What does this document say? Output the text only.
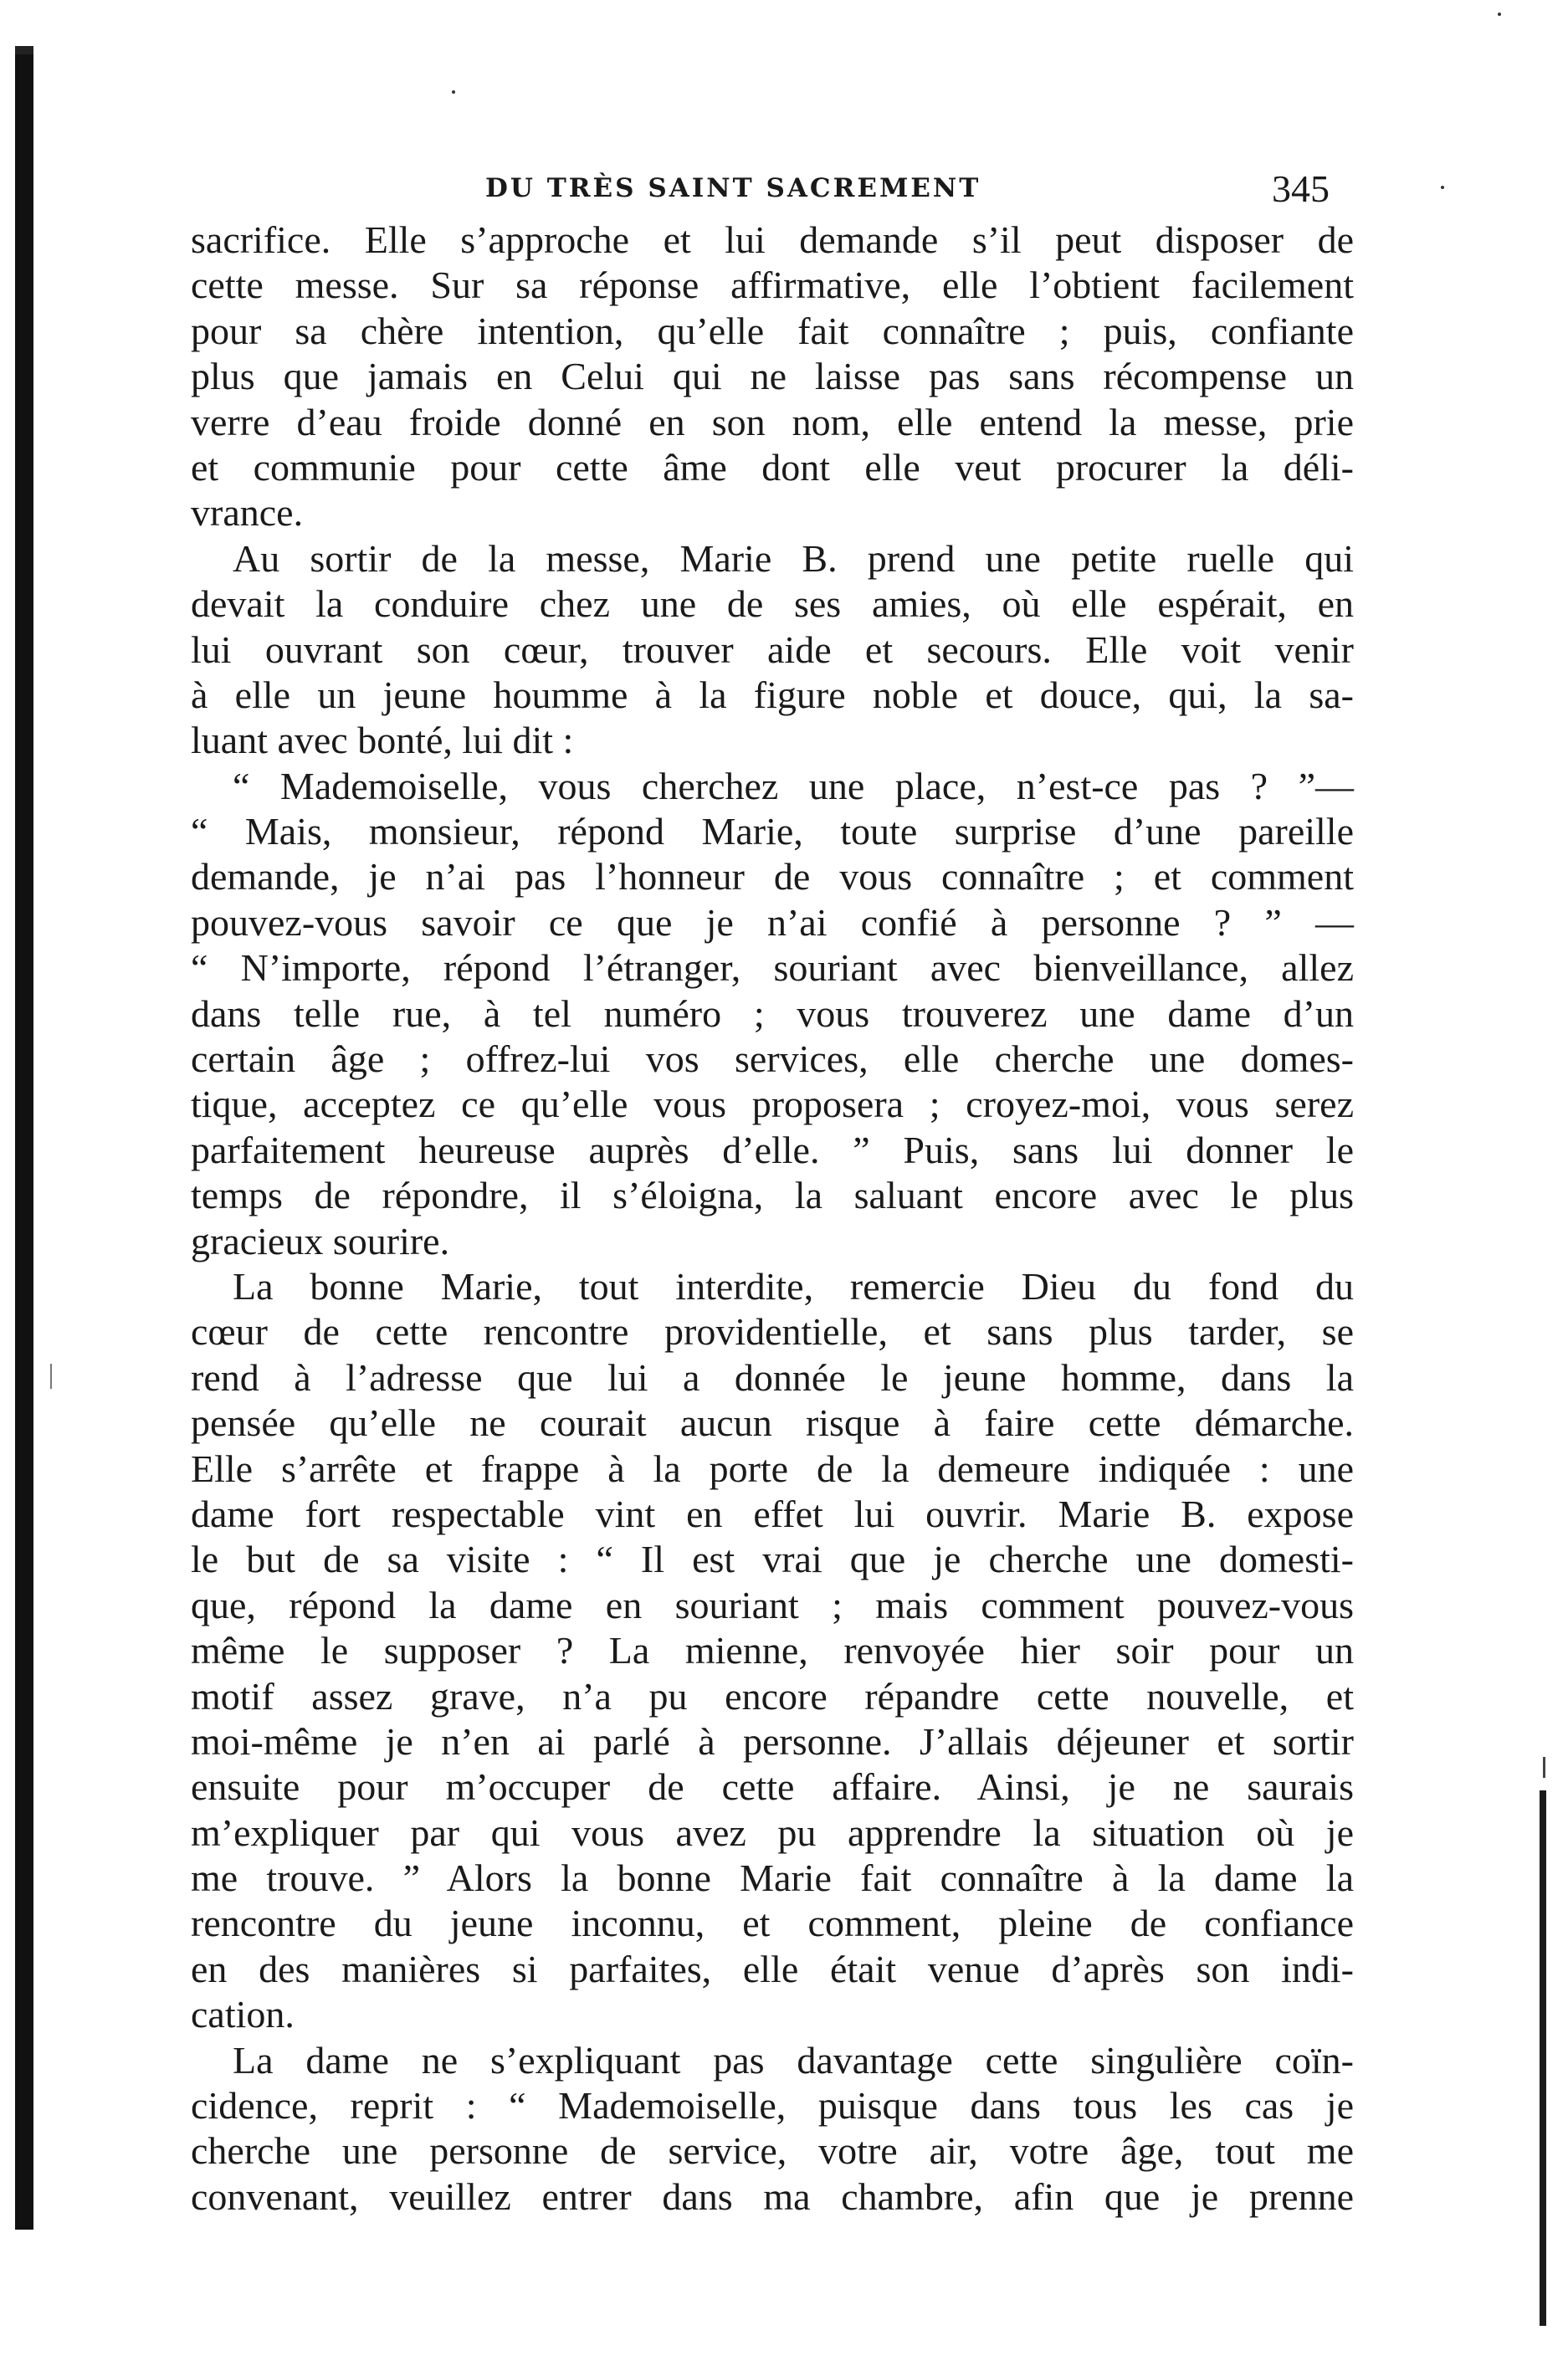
DU TRÈS SAINT SACREMENT	345
sacrifice. Elle s’approche et lui demande s’il peut disposer de
cette messe. Sur sa réponse affirmative, elle l’obtient facilement
pour sa chère intention, qu’elle fait connaître ; puis, confiante
plus que jamais en Celui qui ne laisse pas sans récompense un
verre d’eau froide donné en son nom, elle entend la messe, prie
et communie pour cette âme dont elle veut procurer la déli-
vrance.
Au sortir de la messe, Marie B. prend une petite ruelle qui
devait la conduire chez une de ses amies, où elle espérait, en
lui ouvrant son cœur, trouver aide et secours. Elle voit venir
à elle un jeune houmme à la figure noble et douce, qui, la sa-
luant avec bonté, lui dit :
“ Mademoiselle, vous cherchez une place, n’est-ce pas ? ”—
“ Mais, monsieur, répond Marie, toute surprise d’une pareille
demande, je n’ai pas l’honneur de vous connaître ; et comment
pouvez-vous savoir ce que je n’ai confié à personne ? ” —
“ N’importe, répond l’étranger, souriant avec bienveillance, allez
dans telle rue, à tel numéro ; vous trouverez une dame d’un
certain âge ; offrez-lui vos services, elle cherche une domes-
tique, acceptez ce qu’elle vous proposera ; croyez-moi, vous serez
parfaitement heureuse auprès d’elle. ” Puis, sans lui donner le
temps de répondre, il s’éloigna, la saluant encore avec le plus
gracieux sourire.
La bonne Marie, tout interdite, remercie Dieu du fond du
cœur de cette rencontre providentielle, et sans plus tarder, se
rend à l’adresse que lui a donnée le jeune homme, dans la
pensée qu’elle ne courait aucun risque à faire cette démarche.
Elle s’arrête et frappe à la porte de la demeure indiquée : une
dame fort respectable vint en effet lui ouvrir. Marie B. expose
le but de sa visite : “ Il est vrai que je cherche une domesti-
que, répond la dame en souriant ; mais comment pouvez-vous
même le supposer ? La mienne, renvoyée hier soir pour un
motif assez grave, n’a pu encore répandre cette nouvelle, et
moi-même je n’en ai parlé à personne. J’allais déjeuner et sortir
ensuite pour m’occuper de cette affaire. Ainsi, je ne saurais
m’expliquer par qui vous avez pu apprendre la situation où je
me trouve. ” Alors la bonne Marie fait connaître à la dame la
rencontre du jeune inconnu, et comment, pleine de confiance
en des manières si parfaites, elle était venue d’après son indi-
cation.
La dame ne s’expliquant pas davantage cette singulière coïn-
cidence, reprit : “ Mademoiselle, puisque dans tous les cas je
cherche une personne de service, votre air, votre âge, tout me
convenant, veuillez entrer dans ma chambre, afin que je prenne
